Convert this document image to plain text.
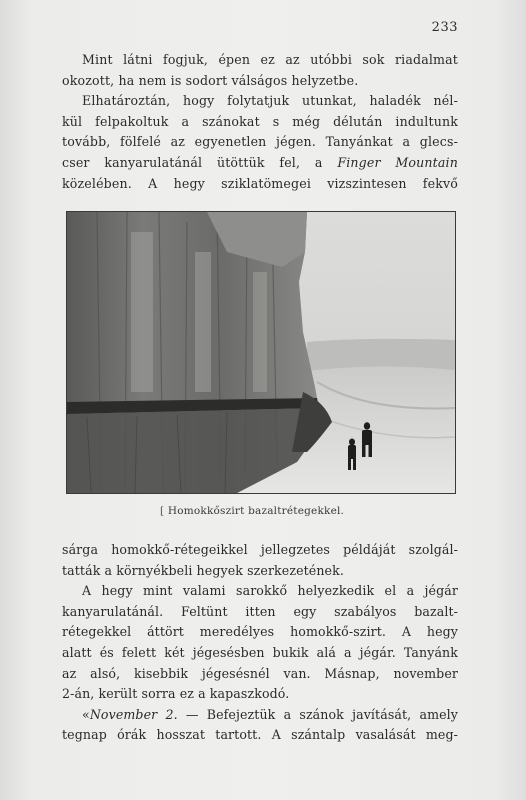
233

Mint látni fogjuk, épen ez az utóbbi sok riadalmat
okozott, ha nem is sodort válságos helyzetbe.

Elhatároztán, hogy folytatjuk utunkat, haladék nél-
kül felpakoltuk a szánokat s még délután indultunk
tovább, fölfelé az egyenetlen jégen. Tanyánkat a glecs-
cser kanyarulatánál ütöttük fel, a Finger Mountain
közelében. A hegy sziklatömegei vizszintesen fekvő

[ Homokkőszirt bazaltrétegekkel.

sárga homokkő-rétegeikkel jellegzetes példáját szolgál-
tatták a környékbeli hegyek szerkezetének.

A hegy mint valami sarokkő helyezkedik el a jégár
kanyarulatánál. Feltünt itten egy szabályos bazalt-
rétegekkel áttört meredélyes homokkő-szirt. A hegy
alatt és felett két jégesésben bukik alá a jégár. Tanyánk
az alsó, kisebbik jégesésnél van. Másnap, november
2-án, került sorra ez a kapaszkodó.

«November 2. — Befejeztük a szánok javítását, amely
tegnap órák hosszat tartott. A szántalp vasalását meg-
